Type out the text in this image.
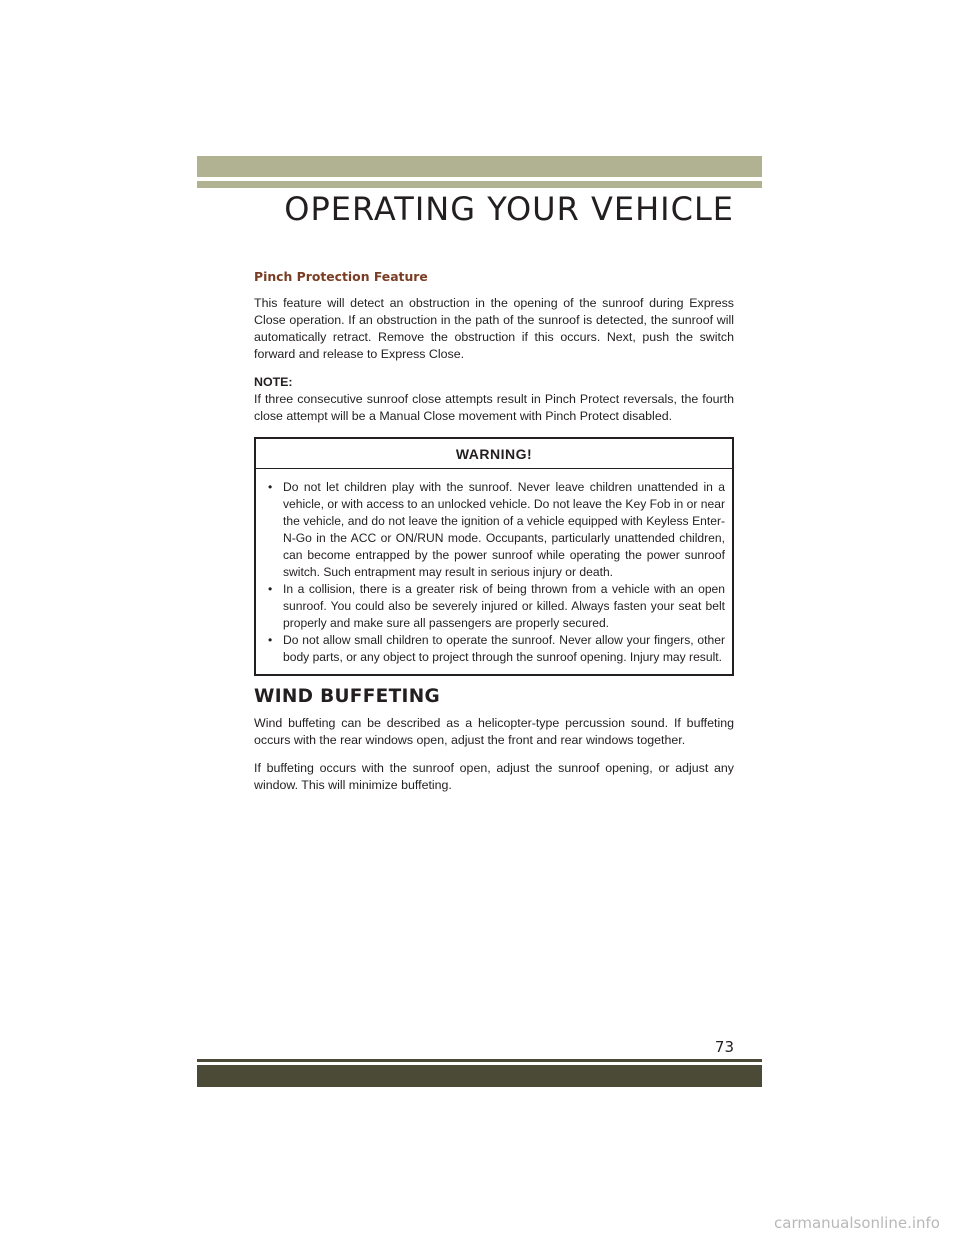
OPERATING YOUR VEHICLE
Pinch Protection Feature

This feature will detect an obstruction in the opening of the sunroof during Express Close operation. If an obstruction in the path of the sunroof is detected, the sunroof will automatically retract. Remove the obstruction if this occurs. Next, push the switch forward and release to Express Close.

NOTE:

If three consecutive sunroof close attempts result in Pinch Protect reversals, the fourth close attempt will be a Manual Close movement with Pinch Protect disabled.

WARNING!
• Do not let children play with the sunroof. Never leave children unattended in a vehicle, or with access to an unlocked vehicle. Do not leave the Key Fob in or near the vehicle, and do not leave the ignition of a vehicle equipped with Keyless Enter-N-Go in the ACC or ON/RUN mode. Occupants, particularly unattended children, can become entrapped by the power sunroof while operating the power sunroof switch. Such entrapment may result in serious injury or death.
• In a collision, there is a greater risk of being thrown from a vehicle with an open sunroof. You could also be severely injured or killed. Always fasten your seat belt properly and make sure all passengers are properly secured.
• Do not allow small children to operate the sunroof. Never allow your fingers, other body parts, or any object to project through the sunroof opening. Injury may result.
WIND BUFFETING

Wind buffeting can be described as a helicopter-type percussion sound. If buffeting occurs with the rear windows open, adjust the front and rear windows together.

If buffeting occurs with the sunroof open, adjust the sunroof opening, or adjust any window. This will minimize buffeting.

73
carmanualsonline.info
